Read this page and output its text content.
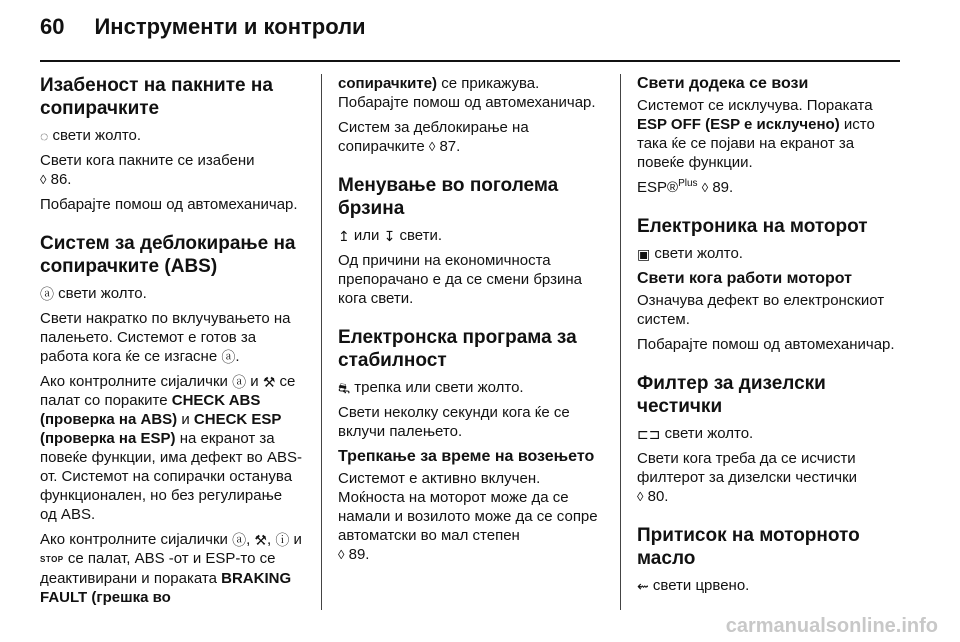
60 Инструменти и контроли
Изабеност на пакните на сопирачките

◌ свети жолто.

Свети кога пакните се изабени
◊ 86.

Побарајте помош од автомеханичар.

Систем за деблокирање на сопирачките (ABS)

ⓐ свети жолто.

Свети накратко по вклучувањето на палењето. Системот е готов за работа кога ќе се изгасне ⓐ.

Ако контролните сијалички ⓐ и ⚒ се палат со пораките CHECK ABS (проверка на ABS) и CHECK ESP (проверка на ESP) на екранот за повеќе функции, има дефект во ABS-от. Системот на сопирачки останува функционален, но без регулирање од ABS.

Ако контролните сијалички ⓐ, ⚒, ⓘ и STOP се палат, ABS -от и ESP-то се деактивирани и пораката BRAKING FAULT (грешка во

сопирачките) се прикажува. Побарајте помош од автомеханичар.

Систем за деблокирање на сопирачките ◊ 87.

Менување во поголема брзина

↥ или ↧ свети.

Од причини на економичноста препорачано е да се смени брзина кога свети.

Електронска програма за стабилност

⛐ трепка или свети жолто.

Свети неколку секунди кога ќе се вклучи палењето.

Трепкање за време на возењето

Системот е активно вклучен. Моќноста на моторот може да се намали и возилото може да се сопре автоматски во мал степен
◊ 89.

Свети додека се вози

Системот се исклучува. Пораката ESP OFF (ESP е исклучено) исто така ќе се појави на екранот за повеќе функции.

ESP®$^{Plus}$ ◊ 89.

Електроника на моторот

▣ свети жолто.

Свети кога работи моторот

Означува дефект во електронскиот систем.

Побарајте помош од автомеханичар.

Филтер за дизелски честички

⊏⊐ свети жолто.

Свети кога треба да се исчисти филтерот за дизелски честички
◊ 80.

Притисок на моторното масло

⇜ свети црвено.

carmanualsonline.info
